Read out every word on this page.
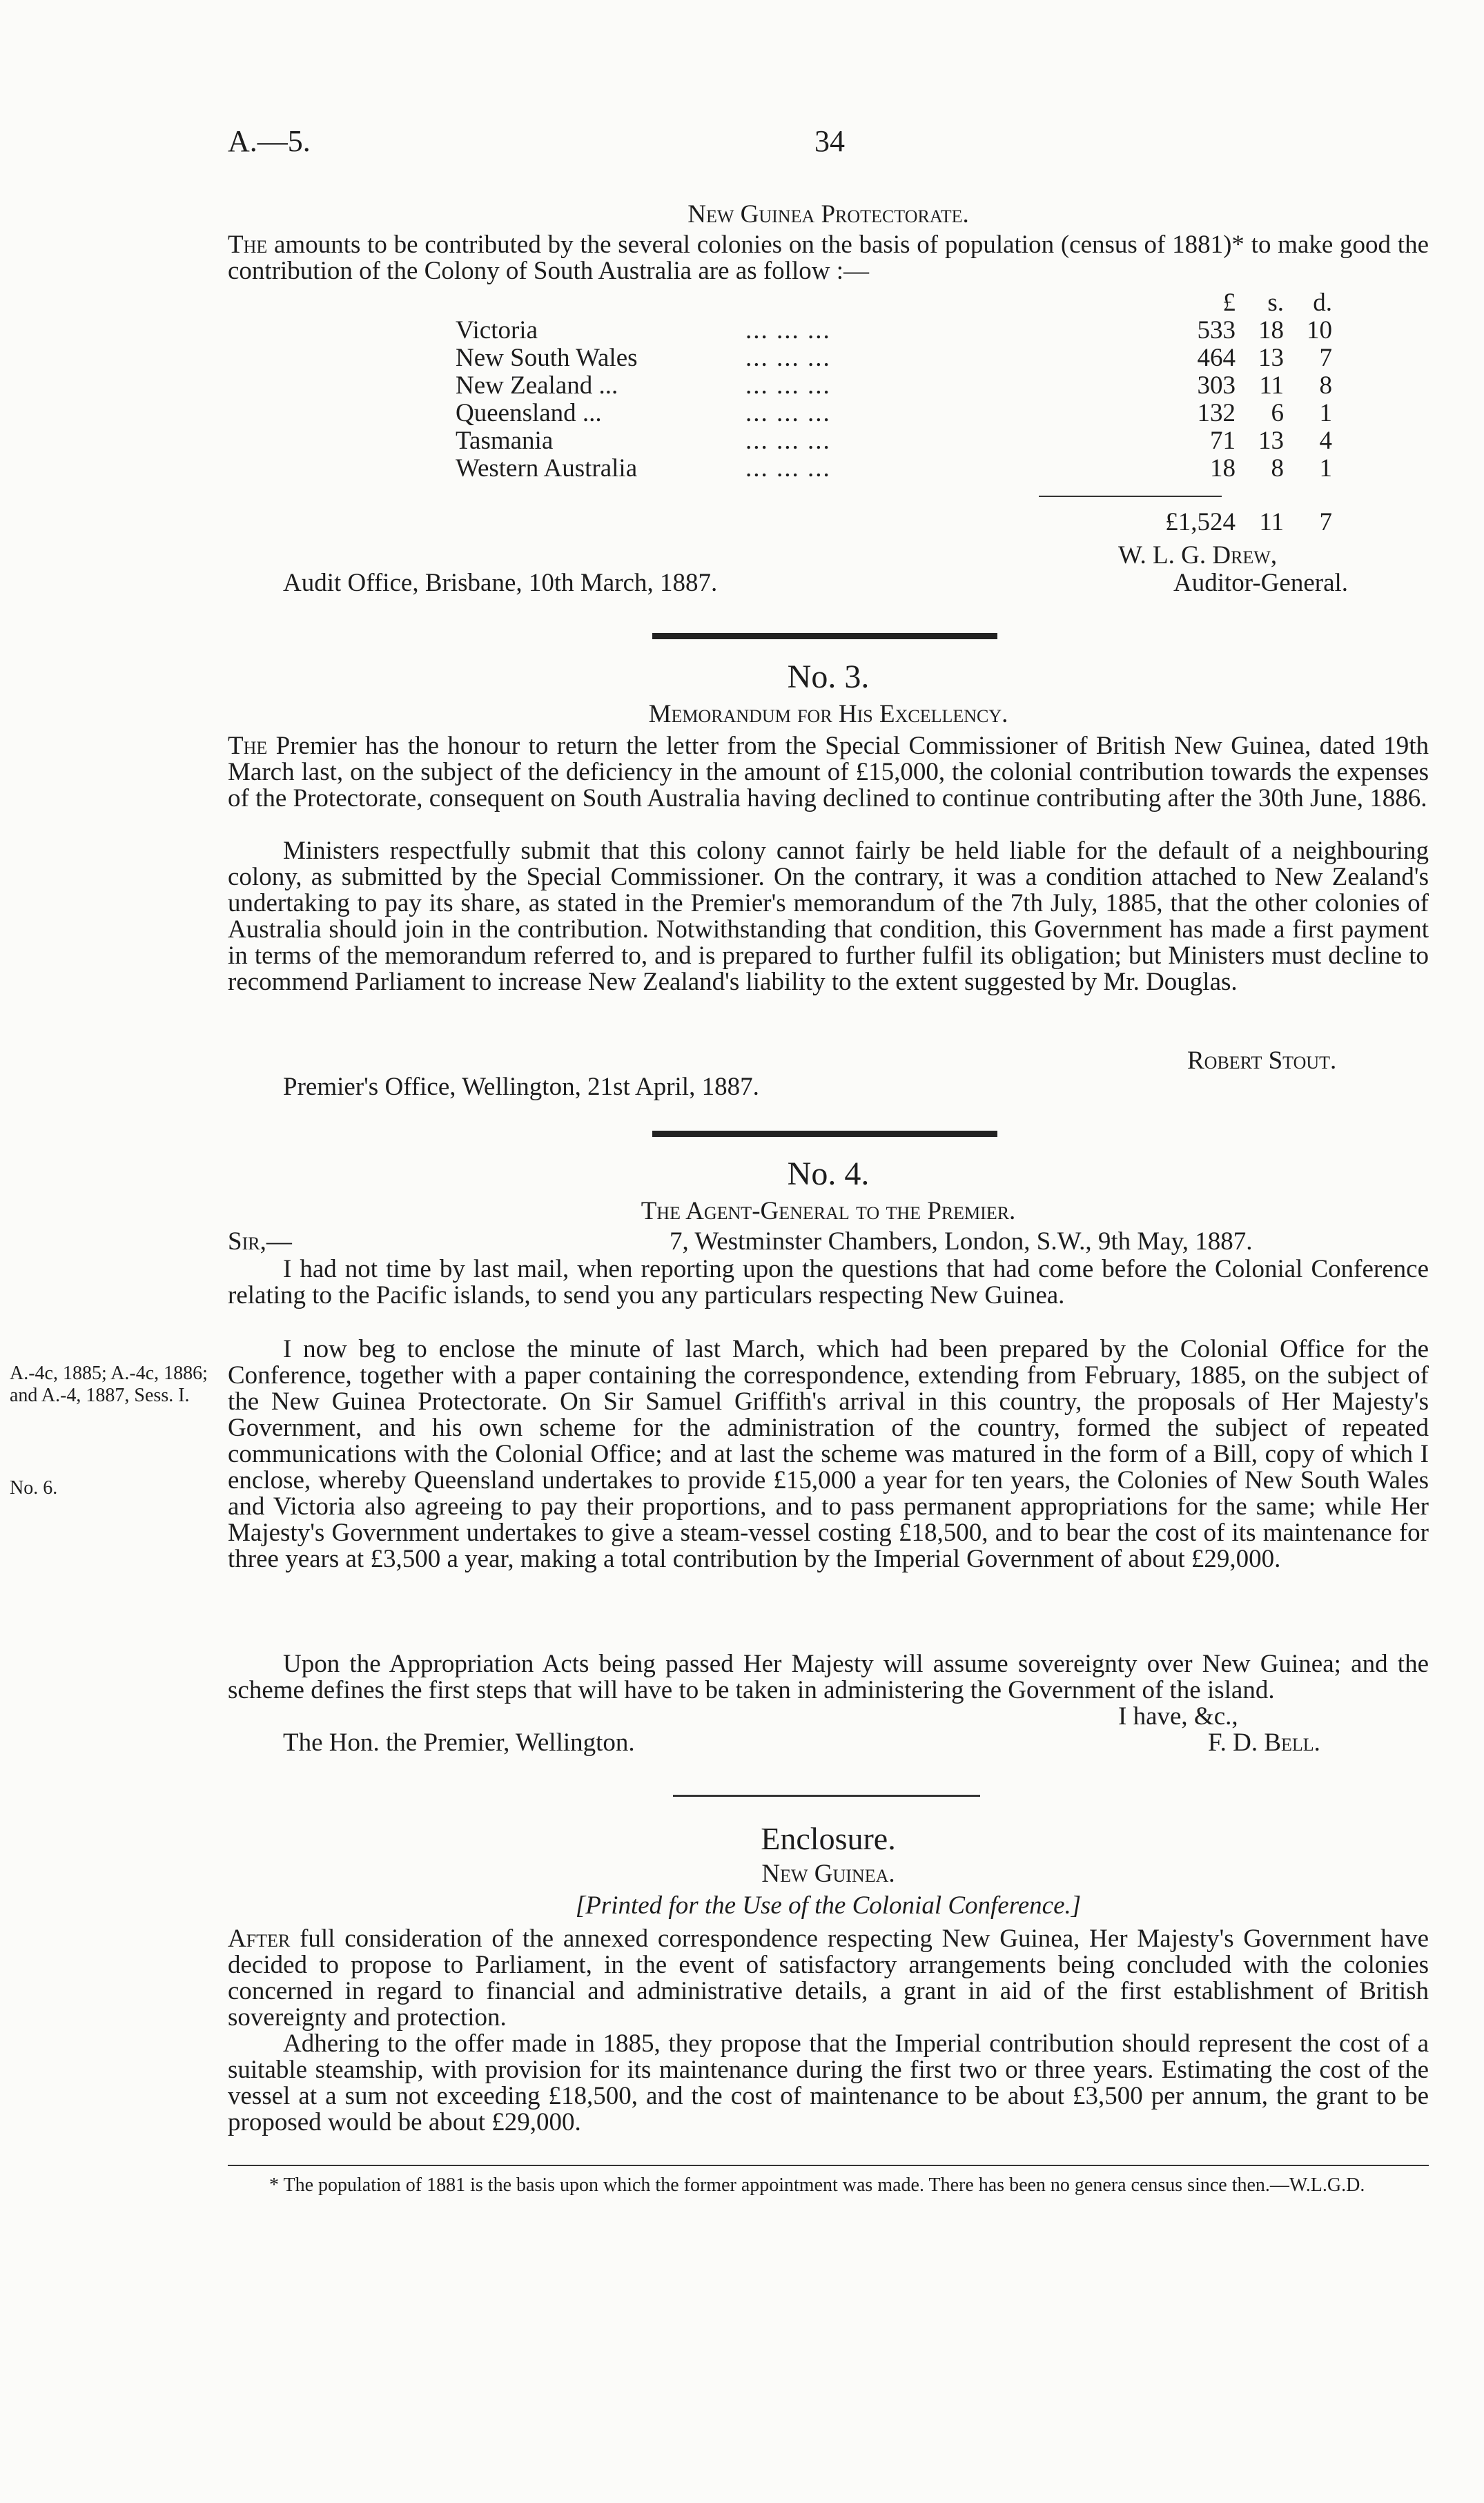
A.—5.	34
New Guinea Protectorate.

The amounts to be contributed by the several colonies on the basis of population (census of 1881)* to make good the contribution of the Colony of South Australia are as follow :—

£	s.	d.
Victoria	... ... ...	533 18 10
New South Wales	... ... ...	464 13	7
New Zealand ...	... ... ...	303 11	8
Queensland ...	... ... ...	132	6	1
Tasmania	... ... ...	71 13	4
Western Australia	... ... ...	18	8	1
£1,524 11	7
W. L. G. Drew,
Audit Office, Brisbane, 10th March, 1887.	Auditor-General.
No. 3.
Memorandum for His Excellency.

The Premier has the honour to return the letter from the Special Commissioner of British New Guinea, dated 19th March last, on the subject of the deficiency in the amount of £15,000, the colonial contribution towards the expenses of the Protectorate, consequent on South Australia having declined to continue contributing after the 30th June, 1886.

Ministers respectfully submit that this colony cannot fairly be held liable for the default of a neighbouring colony, as submitted by the Special Commissioner. On the contrary, it was a condition attached to New Zealand's undertaking to pay its share, as stated in the Premier's memorandum of the 7th July, 1885, that the other colonies of Australia should join in the contribution. Notwithstanding that condition, this Government has made a first payment in terms of the memorandum referred to, and is prepared to further fulfil its obligation; but Ministers must decline to recommend Parliament to increase New Zealand's liability to the extent suggested by Mr. Douglas.

Robert Stout.
Premier's Office, Wellington, 21st April, 1887.
No. 4.
The Agent-General to the Premier.
Sir,—	7, Westminster Chambers, London, S.W., 9th May, 1887.

I had not time by last mail, when reporting upon the questions that had come before the Colonial Conference relating to the Pacific islands, to send you any particulars respecting New Guinea.

I now beg to enclose the minute of last March, which had been prepared by the Colonial Office for the Conference, together with a paper containing the correspondence, extending from February, 1885, on the subject of the New Guinea Protectorate. On Sir Samuel Griffith's arrival in this country, the proposals of Her Majesty's Government, and his own scheme for the administration of the country, formed the subject of repeated communications with the Colonial Office; and at last the scheme was matured in the form of a Bill, copy of which I enclose, whereby Queensland undertakes to provide £15,000 a year for ten years, the Colonies of New South Wales and Victoria also agreeing to pay their proportions, and to pass permanent appropriations for the same; while Her Majesty's Government undertakes to give a steam-vessel costing £18,500, and to bear the cost of its maintenance for three years at £3,500 a year, making a total contribution by the Imperial Government of about £29,000.

Upon the Appropriation Acts being passed Her Majesty will assume sovereignty over New Guinea; and the scheme defines the first steps that will have to be taken in administering the Government of the island.

I have, &c.,
The Hon. the Premier, Wellington.	F. D. Bell.
A.-4c, 1885; A.-4c, 1886; and A.-4, 1887, Sess. I.
No. 6.
Enclosure.
New Guinea.
[Printed for the Use of the Colonial Conference.]

After full consideration of the annexed correspondence respecting New Guinea, Her Majesty's Government have decided to propose to Parliament, in the event of satisfactory arrangements being concluded with the colonies concerned in regard to financial and administrative details, a grant in aid of the first establishment of British sovereignty and protection.

Adhering to the offer made in 1885, they propose that the Imperial contribution should represent the cost of a suitable steamship, with provision for its maintenance during the first two or three years. Estimating the cost of the vessel at a sum not exceeding £18,500, and the cost of maintenance to be about £3,500 per annum, the grant to be proposed would be about £29,000.

* The population of 1881 is the basis upon which the former appointment was made. There has been no genera census since then.—W.L.G.D.
